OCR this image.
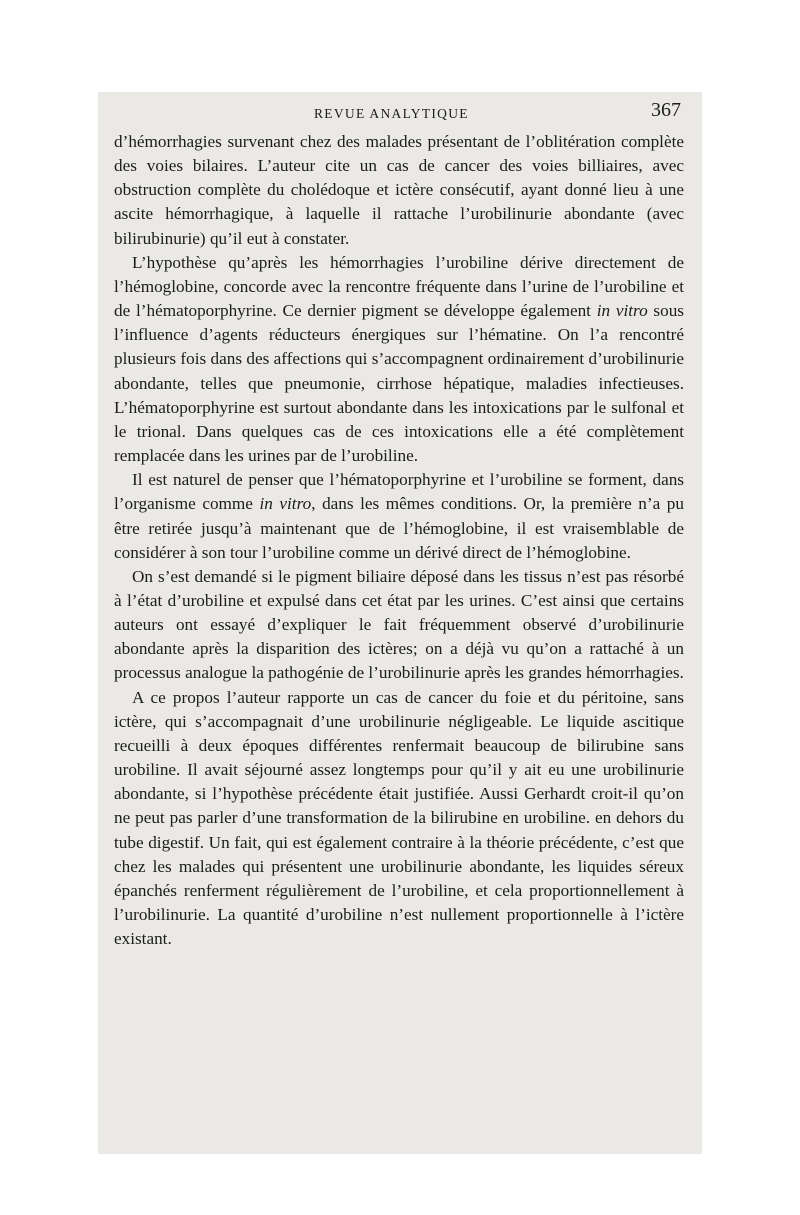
REVUE ANALYTIQUE	367

d’hémorrhagies survenant chez des malades présentant de l’oblitération complète des voies bilaires. L’auteur cite un cas de cancer des voies billiaires, avec obstruction complète du cholédoque et ictère consécutif, ayant donné lieu à une ascite hémorrhagique, à laquelle il rattache l’urobilinurie abondante (avec bilirubinurie) qu’il eut à constater.

L’hypothèse qu’après les hémorrhagies l’urobiline dérive directement de l’hémoglobine, concorde avec la rencontre fréquente dans l’urine de l’urobiline et de l’hématoporphyrine. Ce dernier pigment se développe également in vitro sous l’influence d’agents réducteurs énergiques sur l’hématine. On l’a rencontré plusieurs fois dans des affections qui s’accompagnent ordinairement d’urobilinurie abondante, telles que pneumonie, cirrhose hépatique, maladies infectieuses. L’hématoporphyrine est surtout abondante dans les intoxications par le sulfonal et le trional. Dans quelques cas de ces intoxications elle a été complètement remplacée dans les urines par de l’urobiline.

Il est naturel de penser que l’hématoporphyrine et l’urobiline se forment, dans l’organisme comme in vitro, dans les mêmes conditions. Or, la première n’a pu être retirée jusqu’à maintenant que de l’hémoglobine, il est vraisemblable de considérer à son tour l’urobiline comme un dérivé direct de l’hémoglobine.

On s’est demandé si le pigment biliaire déposé dans les tissus n’est pas résorbé à l’état d’urobiline et expulsé dans cet état par les urines. C’est ainsi que certains auteurs ont essayé d’expliquer le fait fréquemment observé d’urobilinurie abondante après la disparition des ictères; on a déjà vu qu’on a rattaché à un processus analogue la pathogénie de l’urobilinurie après les grandes hémorrhagies.

A ce propos l’auteur rapporte un cas de cancer du foie et du péritoine, sans ictère, qui s’accompagnait d’une urobilinurie négligeable. Le liquide ascitique recueilli à deux époques différentes renfermait beaucoup de bilirubine sans urobiline. Il avait séjourné assez longtemps pour qu’il y ait eu une urobilinurie abondante, si l’hypothèse précédente était justifiée. Aussi Gerhardt croit-il qu’on ne peut pas parler d’une transformation de la bilirubine en urobiline. en dehors du tube digestif. Un fait, qui est également contraire à la théorie précédente, c’est que chez les malades qui présentent une urobilinurie abondante, les liquides séreux épanchés renferment régulièrement de l’urobiline, et cela proportionnellement à l’urobilinurie. La quantité d’urobiline n’est nullement proportionnelle à l’ictère existant.
